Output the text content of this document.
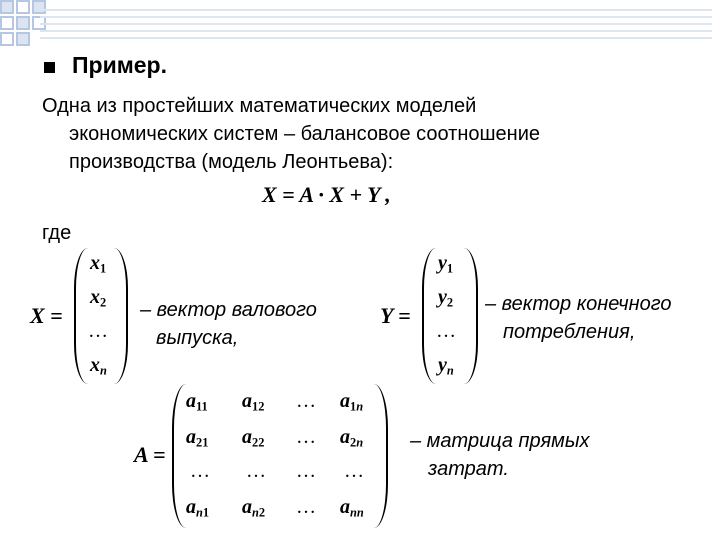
Пример.
Одна из простейших математических моделей
экономических систем – балансовое соотношение
производства (модель Леонтьева):
X = A · X + Y ,
где
X =
$x_1$
$x_2$
…
$x_n$
– вектор валового
выпуска,
Y =
$y_1$
$y_2$
…
$y_n$
– вектор конечного
потребления,
A =
$a_{11}$ $a_{12}$ … $a_{1n}$
$a_{21}$ $a_{22}$ … $a_{2n}$
… … … …
$a_{n1}$ $a_{n2}$ … $a_{nn}$
– матрица прямых
затрат.
